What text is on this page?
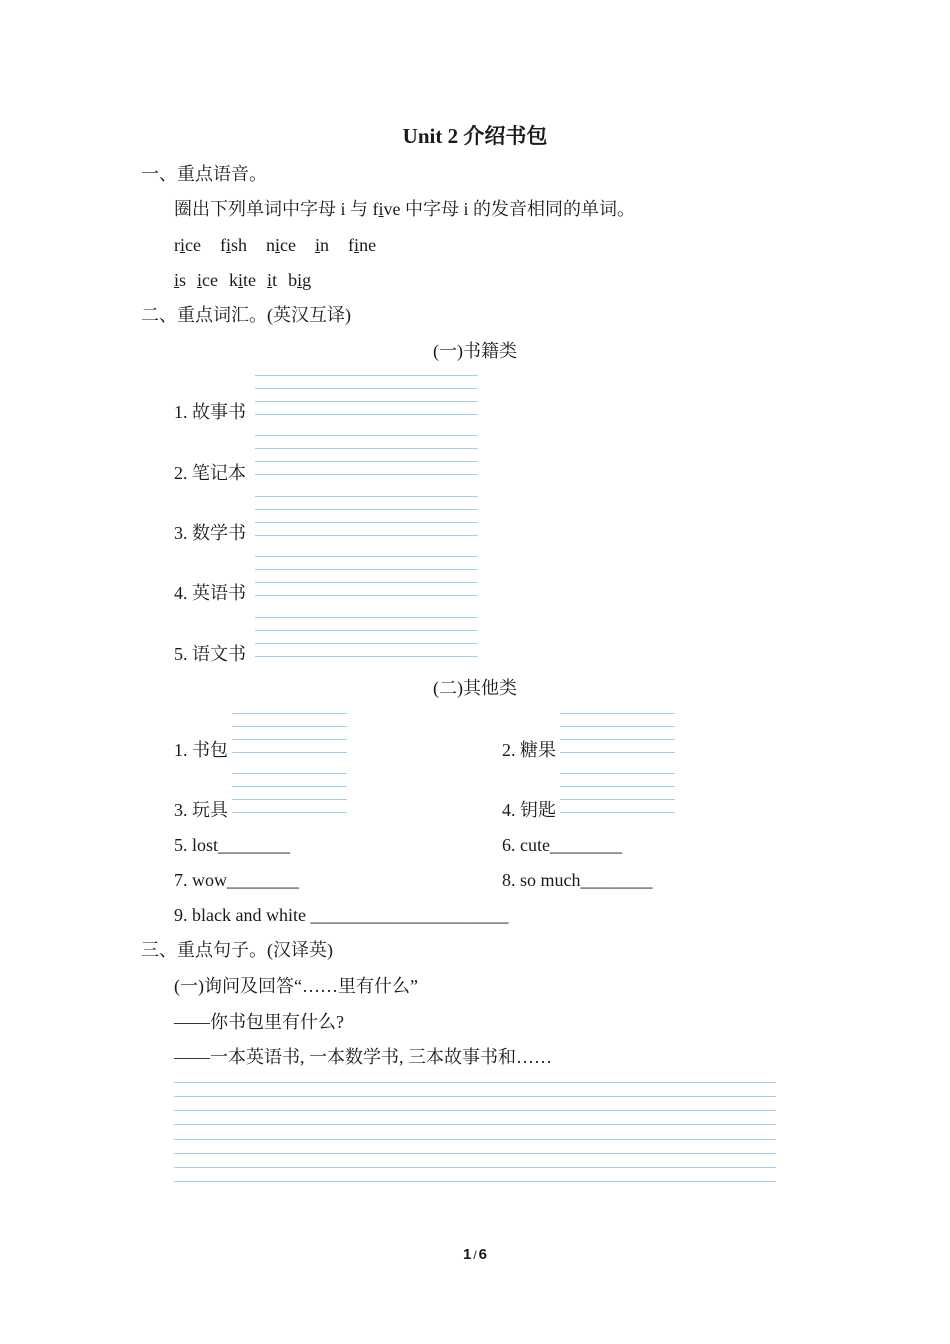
Unit 2 介绍书包
一、重点语音。
圈出下列单词中字母 i 与 five 中字母 i 的发音相同的单词。
rice fish nice in fine
is ice kite it big
二、重点词汇。(英汉互译)
(一)书籍类
1. 故事书
2. 笔记本
3. 数学书
4. 英语书
5. 语文书
(二)其他类
1. 书包	2. 糖果
3. 玩具	4. 钥匙
5. lost________	6. cute________
7. wow________	8. so much________
9. black and white ______________________
三、重点句子。(汉译英)
(一)询问及回答“……里有什么”
——你书包里有什么?
——一本英语书, 一本数学书, 三本故事书和……
1 / 6
